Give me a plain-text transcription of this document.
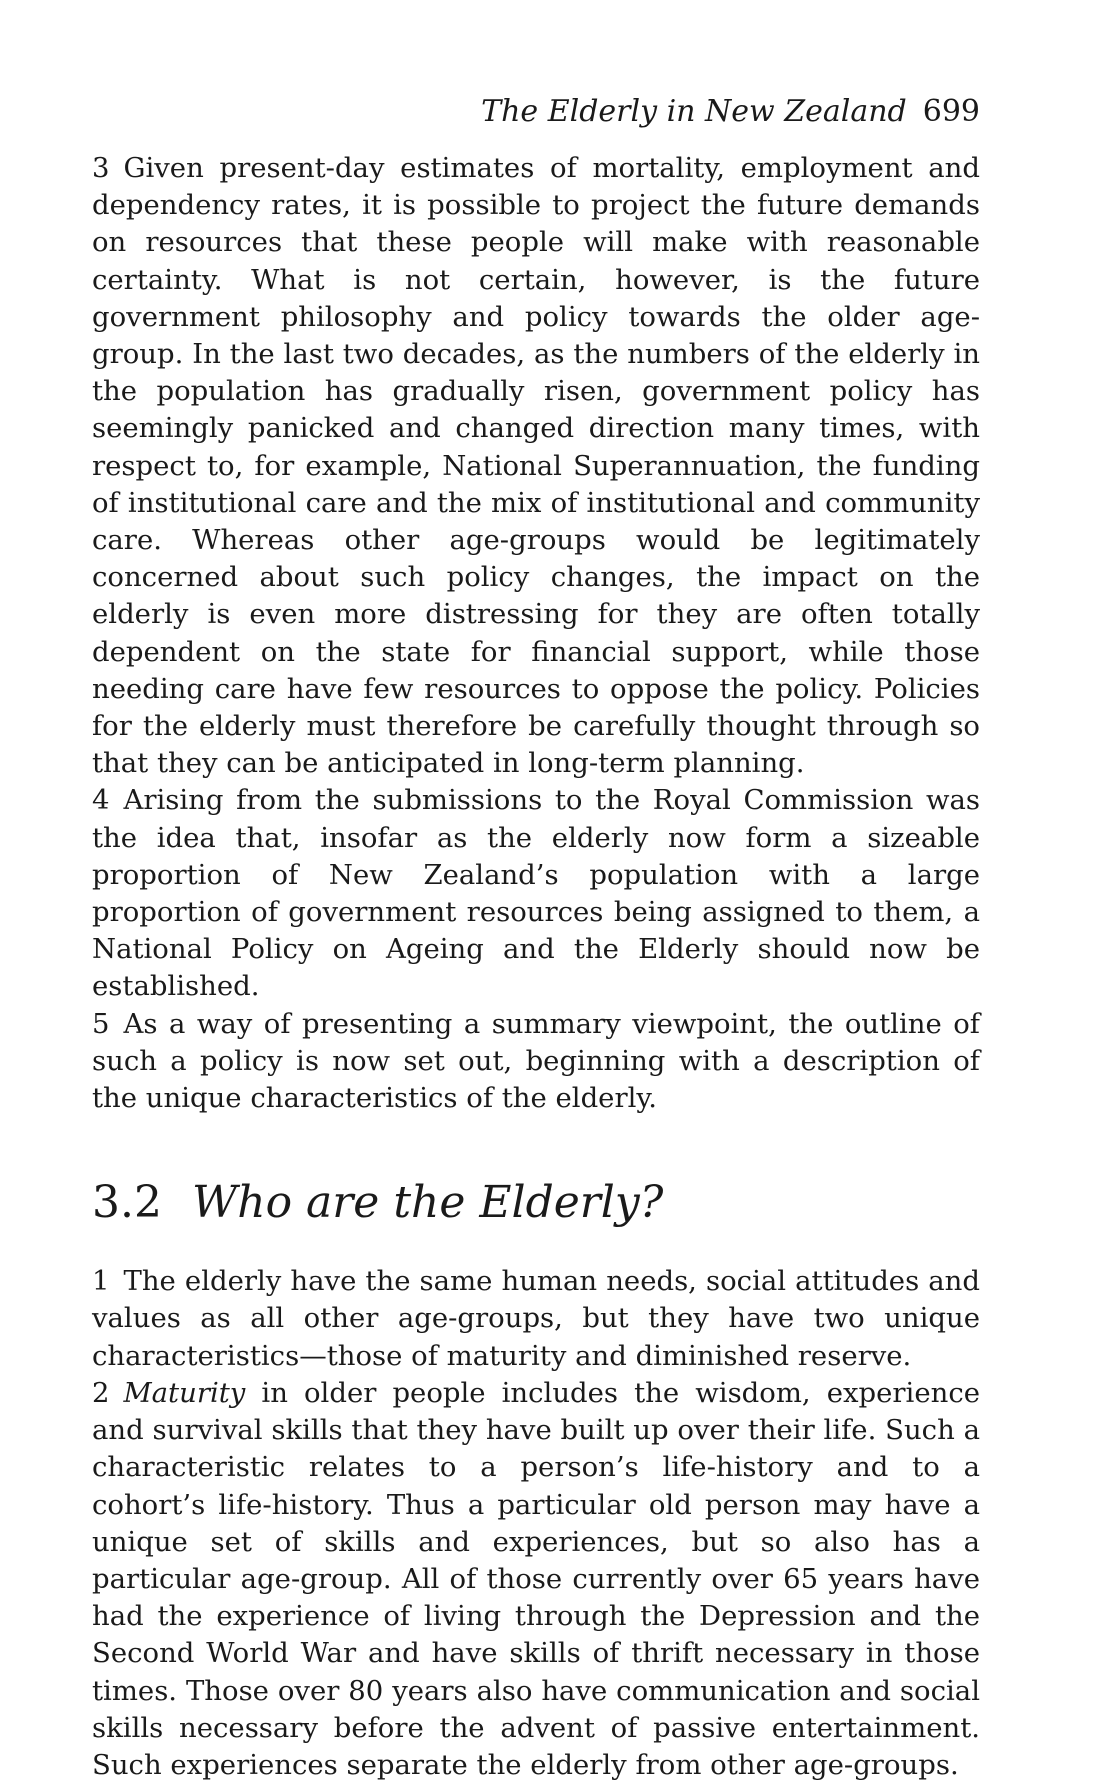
The Elderly in New Zealand 699

3 Given present-day estimates of mortality, employment and dependency rates, it is possible to project the future demands on resources that these people will make with reasonable certainty. What is not certain, however, is the future government philosophy and policy towards the older age-group. In the last two decades, as the numbers of the elderly in the population has gradually risen, government policy has seemingly panicked and changed direction many times, with respect to, for example, National Superannuation, the funding of institutional care and the mix of institutional and community care. Whereas other age-groups would be legitimately concerned about such policy changes, the impact on the elderly is even more distressing for they are often totally dependent on the state for financial support, while those needing care have few resources to oppose the policy. Policies for the elderly must therefore be carefully thought through so that they can be anticipated in long-term planning.

4 Arising from the submissions to the Royal Commission was the idea that, insofar as the elderly now form a sizeable proportion of New Zealand’s population with a large proportion of government resources being assigned to them, a National Policy on Ageing and the Elderly should now be established.

5 As a way of presenting a summary viewpoint, the outline of such a policy is now set out, beginning with a description of the unique characteristics of the elderly.

3.2 Who are the Elderly?

1 The elderly have the same human needs, social attitudes and values as all other age-groups, but they have two unique characteristics—those of maturity and diminished reserve.

2 Maturity in older people includes the wisdom, experience and survival skills that they have built up over their life. Such a characteristic relates to a person’s life-history and to a cohort’s life-history. Thus a particular old person may have a unique set of skills and experiences, but so also has a particular age-group. All of those currently over 65 years have had the experience of living through the Depression and the Second World War and have skills of thrift necessary in those times. Those over 80 years also have communication and social skills necessary before the advent of passive entertainment. Such experiences separate the elderly from other age-groups.
